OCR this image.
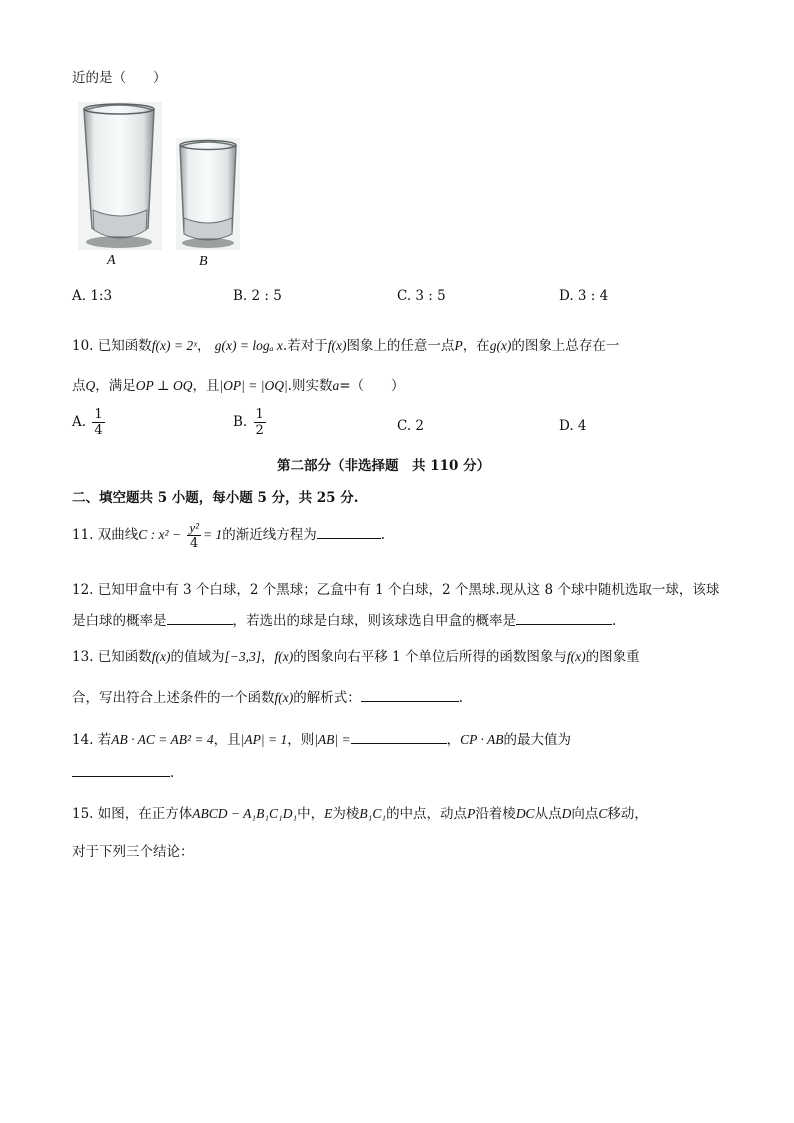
近的是（　　）
A	B
A. 1:3	B. 2 : 5	C. 3 : 5	D. 3 : 4
10. 已知函数f(x) = 2ˣ， g(x) = logₐ x.若对于f(x)图象上的任意一点P，在g(x)的图象上总存在一
点Q，满足OP ⊥ OQ，且|OP| = |OQ|.则实数a=（　　）
A. $\frac{1}{4}$	B. $\frac{1}{2}$	C. 2	D. 4
第二部分（非选择题　共 110 分）
二、填空题共 5 小题，每小题 5 分，共 25 分.
11. 双曲线C : $x^2 - \frac{\text{y²}}{4} = 1$的渐近线方程为	.
12. 已知甲盒中有 3 个白球，2 个黑球；乙盒中有 1 个白球，2 个黑球.现从这 8 个球中随机选取一球，该球
是白球的概率是	，若选出的球是白球，则该球选自甲盒的概率是	.
13. 已知函数f(x)的值域为[−3,3]，f(x)的图象向右平移 1 个单位后所得的函数图象与f(x)的图象重
合，写出符合上述条件的一个函数f(x)的解析式：	.
14. 若AB · AC = AB² = 4，且|AP| = 1，则|AB| =	，CP · AB的最大值为
.
15. 如图，在正方体ABCD − A₁B₁C₁D₁中，E为棱B₁C₁的中点，动点P沿着棱DC从点D向点C移动，
对于下列三个结论：
